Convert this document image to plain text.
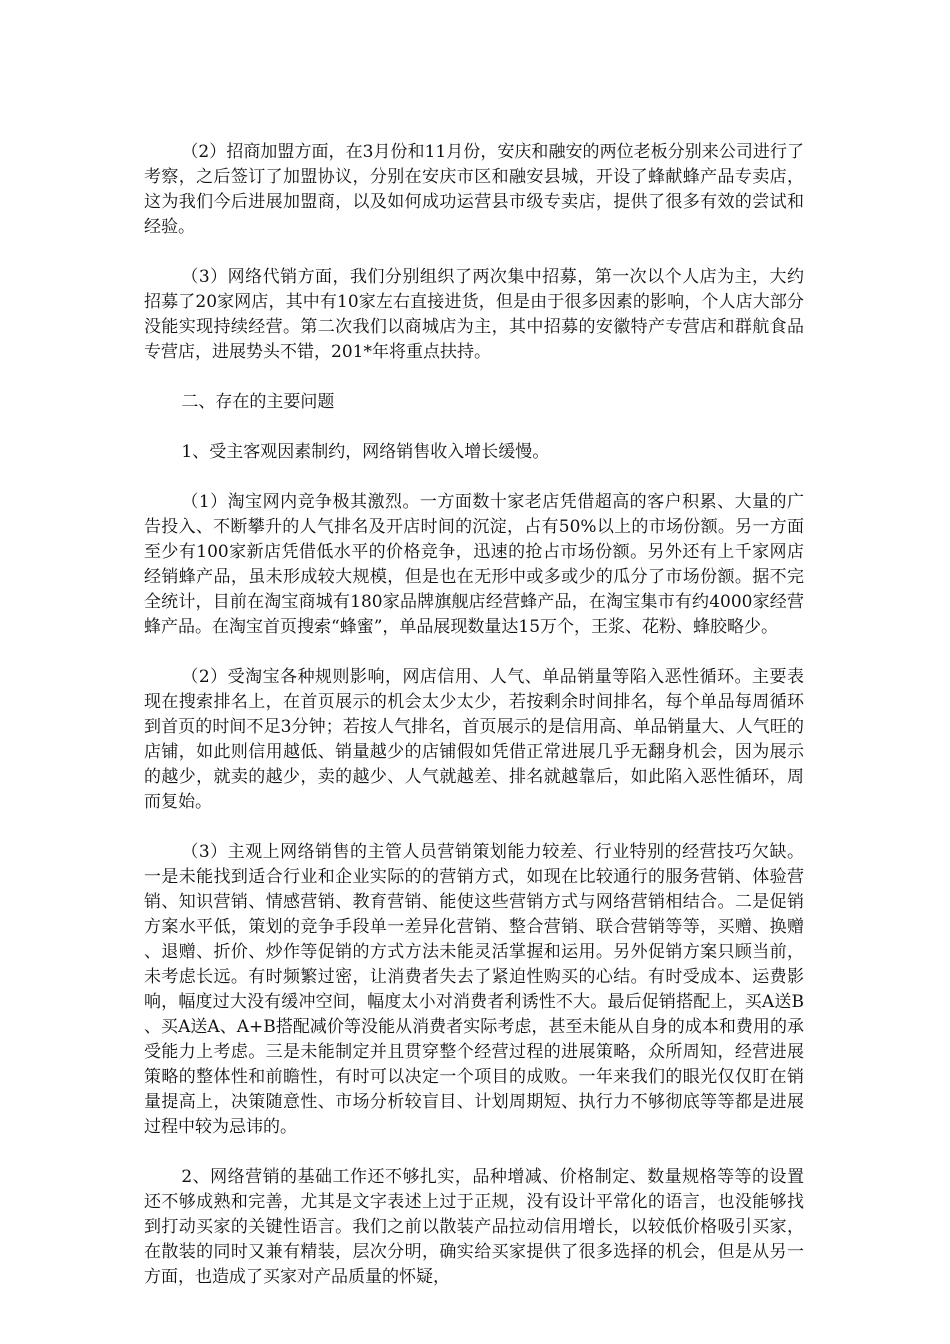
（2）招商加盟方面，在3月份和11月份，安庆和融安的两位老板分别来公司进行了考察，之后签订了加盟协议，分别在安庆市区和融安县城，开设了蜂献蜂产品专卖店，这为我们今后进展加盟商，以及如何成功运营县市级专卖店，提供了很多有效的尝试和经验。

（3）网络代销方面，我们分别组织了两次集中招募，第一次以个人店为主，大约招募了20家网店，其中有10家左右直接进货，但是由于很多因素的影响，个人店大部分没能实现持续经营。第二次我们以商城店为主，其中招募的安徽特产专营店和群航食品专营店，进展势头不错，201*年将重点扶持。

二、存在的主要问题

1、受主客观因素制约，网络销售收入增长缓慢。

（1）淘宝网内竞争极其激烈。一方面数十家老店凭借超高的客户积累、大量的广告投入、不断攀升的人气排名及开店时间的沉淀，占有50%以上的市场份额。另一方面至少有100家新店凭借低水平的价格竞争，迅速的抢占市场份额。另外还有上千家网店经销蜂产品，虽未形成较大规模，但是也在无形中或多或少的瓜分了市场份额。据不完全统计，目前在淘宝商城有180家品牌旗舰店经营蜂产品，在淘宝集市有约4000家经营蜂产品。在淘宝首页搜索“蜂蜜”，单品展现数量达15万个，王浆、花粉、蜂胶略少。

（2）受淘宝各种规则影响，网店信用、人气、单品销量等陷入恶性循环。主要表现在搜索排名上，在首页展示的机会太少太少，若按剩余时间排名，每个单品每周循环到首页的时间不足3分钟；若按人气排名，首页展示的是信用高、单品销量大、人气旺的店铺，如此则信用越低、销量越少的店铺假如凭借正常进展几乎无翻身机会，因为展示的越少，就卖的越少，卖的越少、人气就越差、排名就越靠后，如此陷入恶性循环，周而复始。

（3）主观上网络销售的主管人员营销策划能力较差、行业特别的经营技巧欠缺。一是未能找到适合行业和企业实际的的营销方式，如现在比较通行的服务营销、体验营销、知识营销、情感营销、教育营销、能使这些营销方式与网络营销相结合。二是促销方案水平低，策划的竞争手段单一差异化营销、整合营销、联合营销等等，买赠、换赠、退赠、折价、炒作等促销的方式方法未能灵活掌握和运用。另外促销方案只顾当前，未考虑长远。有时频繁过密，让消费者失去了紧迫性购买的心结。有时受成本、运费影响，幅度过大没有缓冲空间，幅度太小对消费者利诱性不大。最后促销搭配上，买A送B、买A送A、A+B搭配减价等没能从消费者实际考虑，甚至未能从自身的成本和费用的承受能力上考虑。三是未能制定并且贯穿整个经营过程的进展策略，众所周知，经营进展策略的整体性和前瞻性，有时可以决定一个项目的成败。一年来我们的眼光仅仅盯在销量提高上，决策随意性、市场分析较盲目、计划周期短、执行力不够彻底等等都是进展过程中较为忌讳的。

2、网络营销的基础工作还不够扎实，品种增减、价格制定、数量规格等等的设置还不够成熟和完善，尤其是文字表述上过于正规，没有设计平常化的语言，也没能够找到打动买家的关键性语言。我们之前以散装产品拉动信用增长，以较低价格吸引买家，在散装的同时又兼有精装，层次分明，确实给买家提供了很多选择的机会，但是从另一方面，也造成了买家对产品质量的怀疑，
